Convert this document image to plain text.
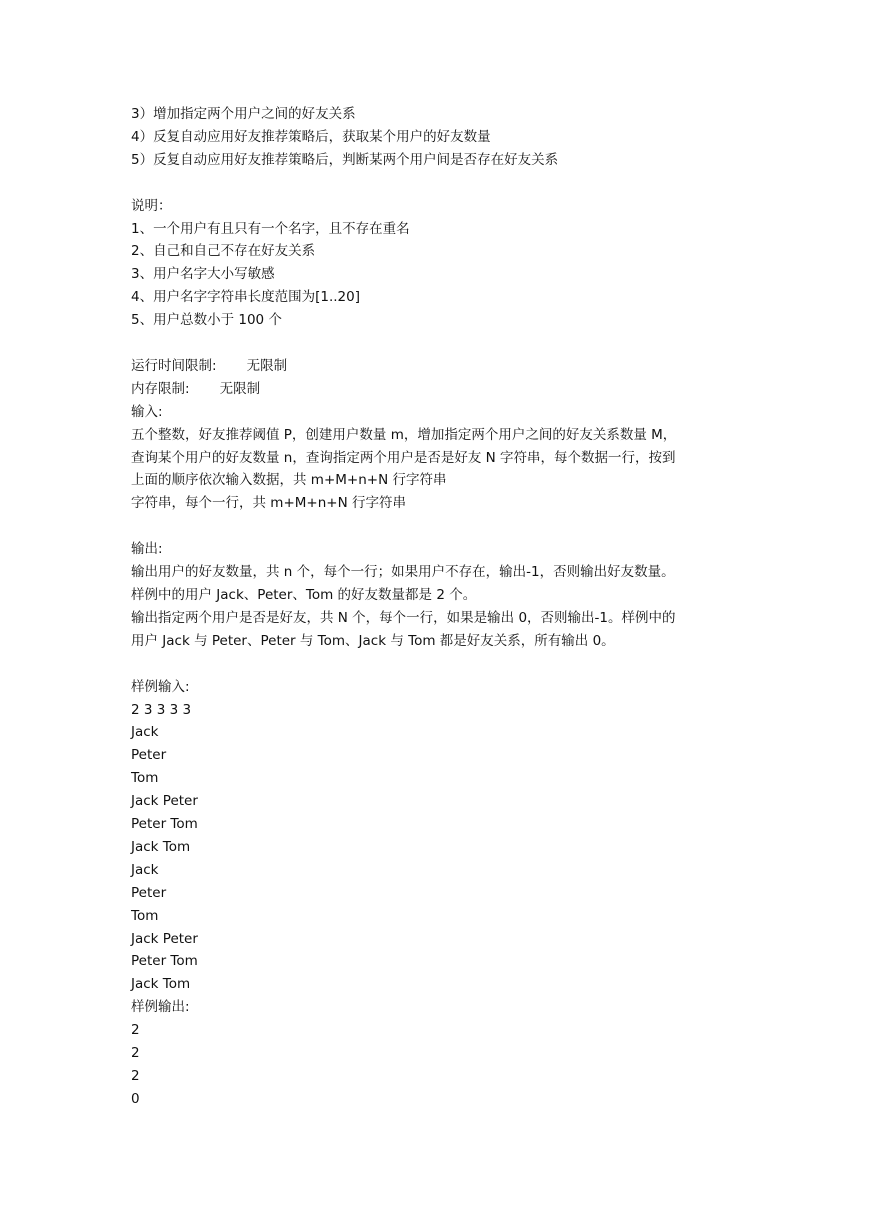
3）增加指定两个用户之间的好友关系
4）反复自动应用好友推荐策略后，获取某个用户的好友数量
5）反复自动应用好友推荐策略后，判断某两个用户间是否存在好友关系
说明：
1、一个用户有且只有一个名字，且不存在重名
2、自己和自己不存在好友关系
3、用户名字大小写敏感
4、用户名字字符串长度范围为[1..20]
5、用户总数小于 100 个
运行时间限制:       无限制
内存限制:       无限制
输入:
五个整数，好友推荐阈值 P，创建用户数量 m，增加指定两个用户之间的好友关系数量 M，
查询某个用户的好友数量 n，查询指定两个用户是否是好友 N 字符串，每个数据一行，按到
上面的顺序依次输入数据，共 m+M+n+N 行字符串
字符串，每个一行，共 m+M+n+N 行字符串
输出:
输出用户的好友数量，共 n 个，每个一行；如果用户不存在，输出-1，否则输出好友数量。
样例中的用户 Jack、Peter、Tom 的好友数量都是 2 个。
输出指定两个用户是否是好友，共 N 个，每个一行，如果是输出 0，否则输出-1。样例中的
用户 Jack 与 Peter、Peter 与 Tom、Jack 与 Tom 都是好友关系，所有输出 0。
样例输入:
2 3 3 3 3
Jack
Peter
Tom
Jack Peter
Peter Tom
Jack Tom
Jack
Peter
Tom
Jack Peter
Peter Tom
Jack Tom
样例输出:
2
2
2
0
